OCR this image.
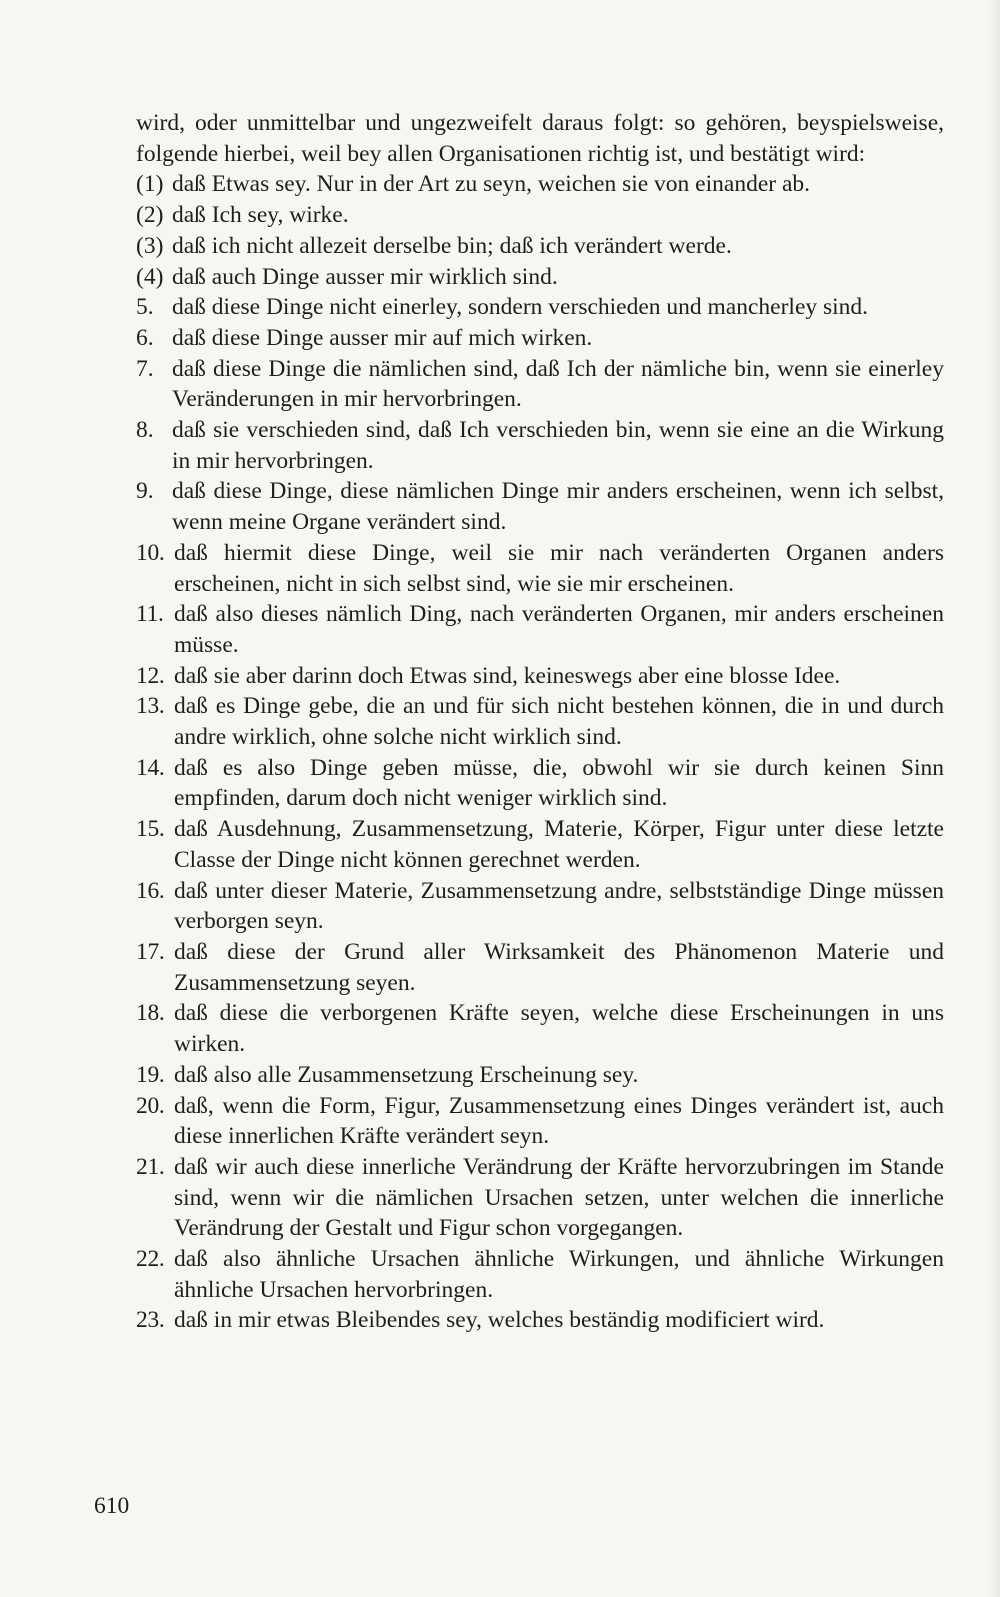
wird, oder unmittelbar und ungezweifelt daraus folgt: so gehören, beyspielsweise, folgende hierbei, weil bey allen Organisationen richtig ist, und bestätigt wird:

(1) daß Etwas sey. Nur in der Art zu seyn, weichen sie von einander ab.
(2) daß Ich sey, wirke.
(3) daß ich nicht allezeit derselbe bin; daß ich verändert werde.
(4) daß auch Dinge ausser mir wirklich sind.
5. daß diese Dinge nicht einerley, sondern verschieden und mancherley sind.
6. daß diese Dinge ausser mir auf mich wirken.
7. daß diese Dinge die nämlichen sind, daß Ich der nämliche bin, wenn sie einerley Veränderungen in mir hervorbringen.
8. daß sie verschieden sind, daß Ich verschieden bin, wenn sie eine an die Wirkung in mir hervorbringen.
9. daß diese Dinge, diese nämlichen Dinge mir anders erscheinen, wenn ich selbst, wenn meine Organe verändert sind.
10. daß hiermit diese Dinge, weil sie mir nach veränderten Organen anders erscheinen, nicht in sich selbst sind, wie sie mir erscheinen.
11. daß also dieses nämlich Ding, nach veränderten Organen, mir anders erscheinen müsse.
12. daß sie aber darinn doch Etwas sind, keineswegs aber eine blosse Idee.
13. daß es Dinge gebe, die an und für sich nicht bestehen können, die in und durch andre wirklich, ohne solche nicht wirklich sind.
14. daß es also Dinge geben müsse, die, obwohl wir sie durch keinen Sinn empfinden, darum doch nicht weniger wirklich sind.
15. daß Ausdehnung, Zusammensetzung, Materie, Körper, Figur unter diese letzte Classe der Dinge nicht können gerechnet werden.
16. daß unter dieser Materie, Zusammensetzung andre, selbstständige Dinge müssen verborgen seyn.
17. daß diese der Grund aller Wirksamkeit des Phänomenon Materie und Zusammensetzung seyen.
18. daß diese die verborgenen Kräfte seyen, welche diese Erscheinungen in uns wirken.
19. daß also alle Zusammensetzung Erscheinung sey.
20. daß, wenn die Form, Figur, Zusammensetzung eines Dinges verändert ist, auch diese innerlichen Kräfte verändert seyn.
21. daß wir auch diese innerliche Verändrung der Kräfte hervorzubringen im Stande sind, wenn wir die nämlichen Ursachen setzen, unter welchen die innerliche Verändrung der Gestalt und Figur schon vorgegangen.
22. daß also ähnliche Ursachen ähnliche Wirkungen, und ähnliche Wirkungen ähnliche Ursachen hervorbringen.
23. daß in mir etwas Bleibendes sey, welches beständig modificiert wird.
610
